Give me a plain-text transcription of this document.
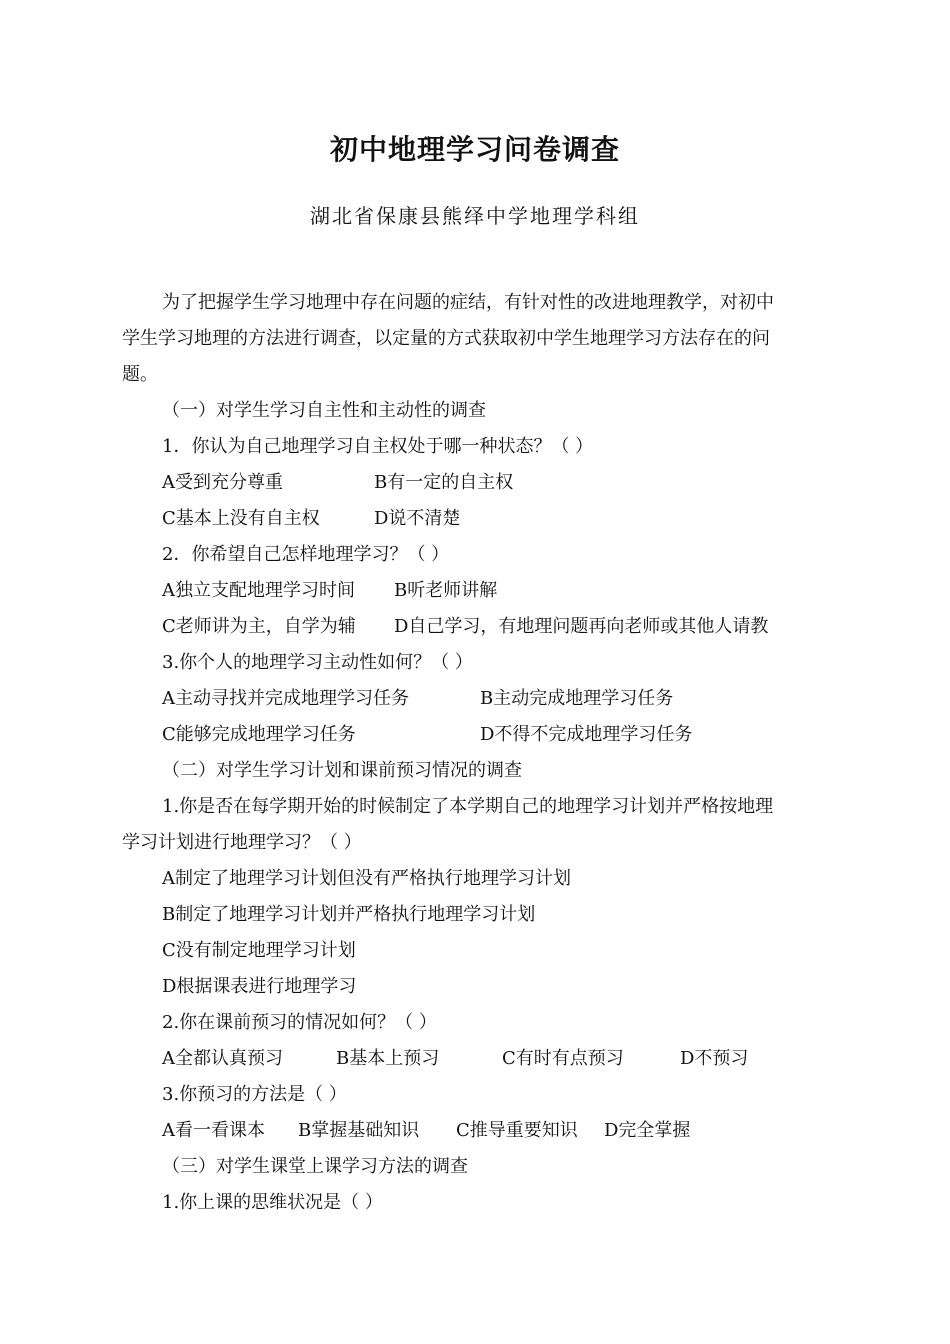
初中地理学习问卷调查
湖北省保康县熊绎中学地理学科组
为了把握学生学习地理中存在问题的症结，有针对性的改进地理教学，对初中
学生学习地理的方法进行调查，以定量的方式获取初中学生地理学习方法存在的问
题。
（一）对学生学习自主性和主动性的调查
1．你认为自己地理学习自主权处于哪一种状态？（ ）
A受到充分尊重	B有一定的自主权
C基本上没有自主权	D说不清楚
2．你希望自己怎样地理学习？（ ）
A独立支配地理学习时间 B听老师讲解
C老师讲为主，自学为辅 D自己学习，有地理问题再向老师或其他人请教
3.你个人的地理学习主动性如何？（ ）
A主动寻找并完成地理学习任务	B主动完成地理学习任务
C能够完成地理学习任务	D不得不完成地理学习任务
（二）对学生学习计划和课前预习情况的调查
1.你是否在每学期开始的时候制定了本学期自己的地理学习计划并严格按地理
学习计划进行地理学习？（ ）
A制定了地理学习计划但没有严格执行地理学习计划
B制定了地理学习计划并严格执行地理学习计划
C没有制定地理学习计划
D根据课表进行地理学习
2.你在课前预习的情况如何？（ ）
A全都认真预习	B基本上预习	C有时有点预习	D不预习
3.你预习的方法是（ ）
A看一看课本 B掌握基础知识 C推导重要知识 D完全掌握
（三）对学生课堂上课学习方法的调查
1.你上课的思维状况是（ ）
